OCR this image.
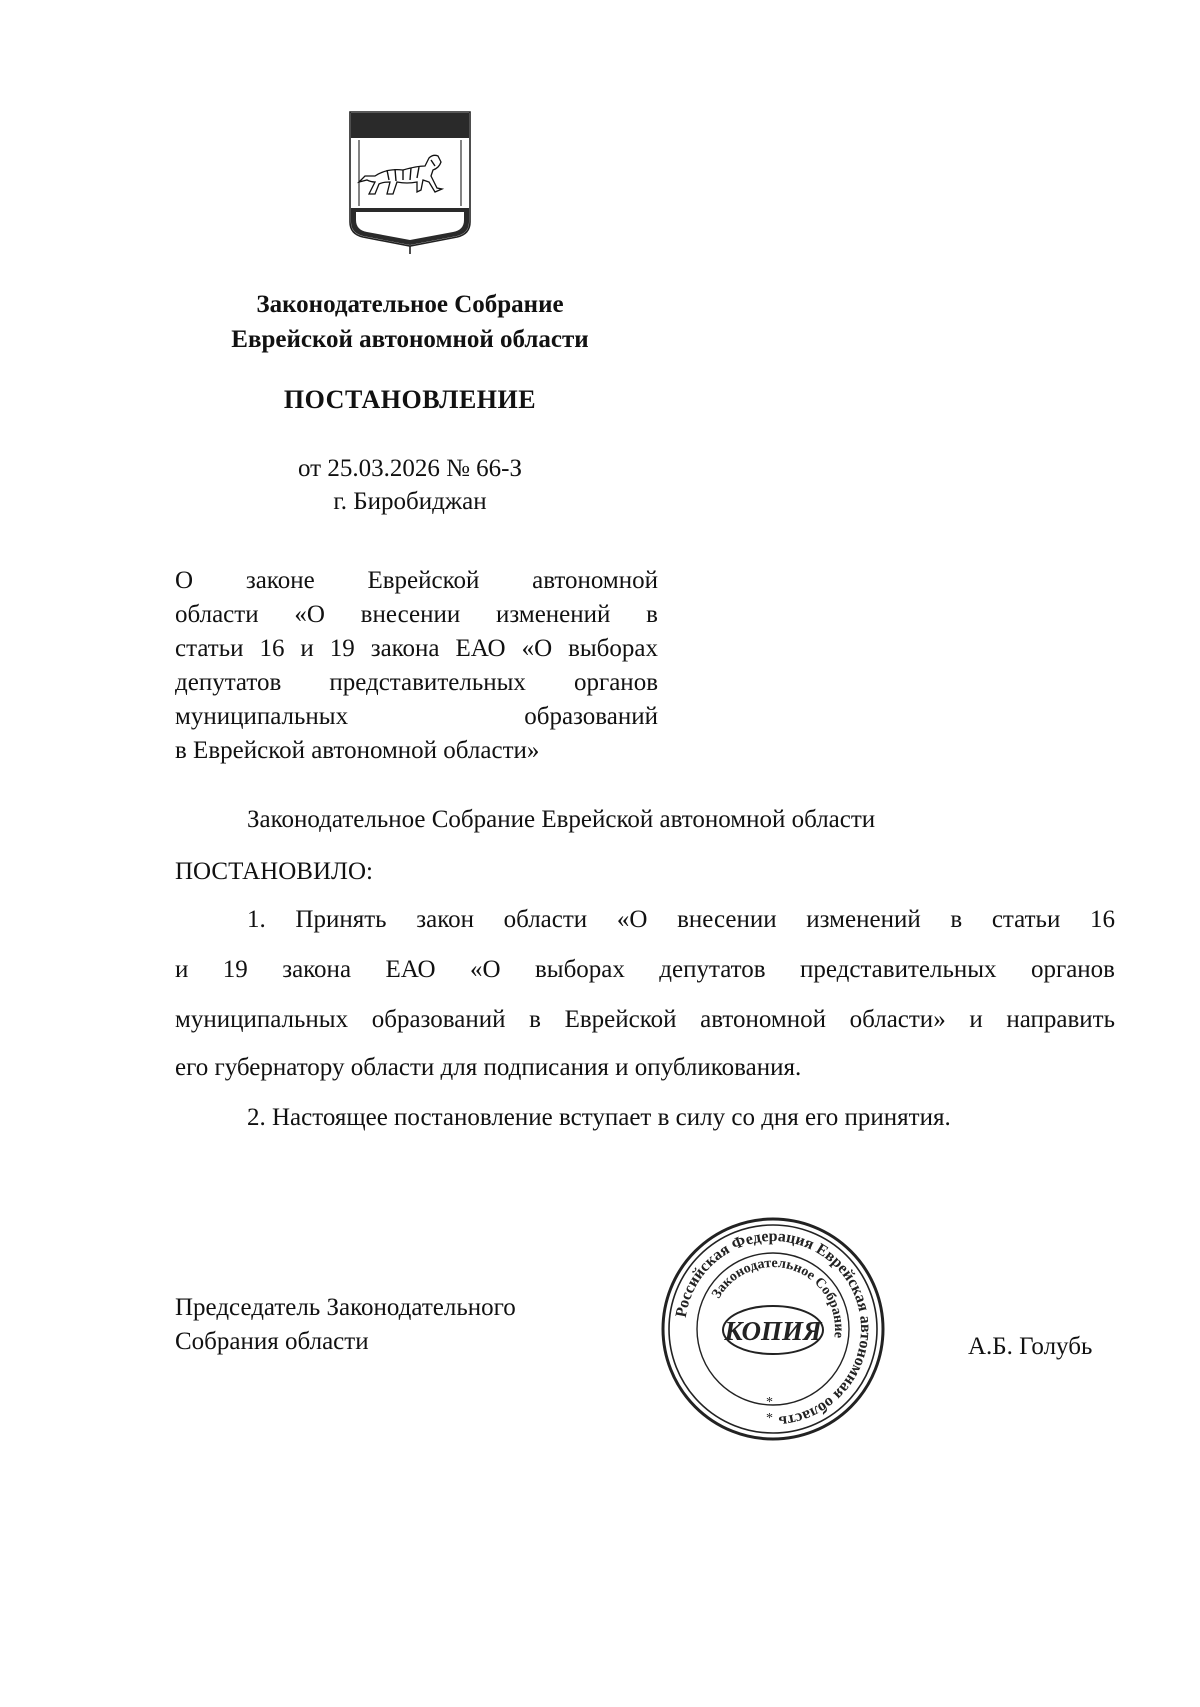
Законодательное Собрание
Еврейской автономной области
ПОСТАНОВЛЕНИЕ
от 25.03.2026 № 66-З
г. Биробиджан
О законе Еврейской автономной
области «О внесении изменений в
статьи 16 и 19 закона ЕАО «О выборах
депутатов представительных органов
муниципальных образований
в Еврейской автономной области»
Законодательное Собрание Еврейской автономной области
ПОСТАНОВИЛО:
1. Принять закон области «О внесении изменений в статьи 16
и 19 закона ЕАО «О выборах депутатов представительных органов
муниципальных образований в Еврейской автономной области» и направить
его губернатору области для подписания и опубликования.
2. Настоящее постановление вступает в силу со дня его принятия.
Председатель Законодательного
Собрания области	А.Б. Голубь
Российская Федерация Еврейская автономная область
Законодательное Собрание
КОПИЯ
*
*
